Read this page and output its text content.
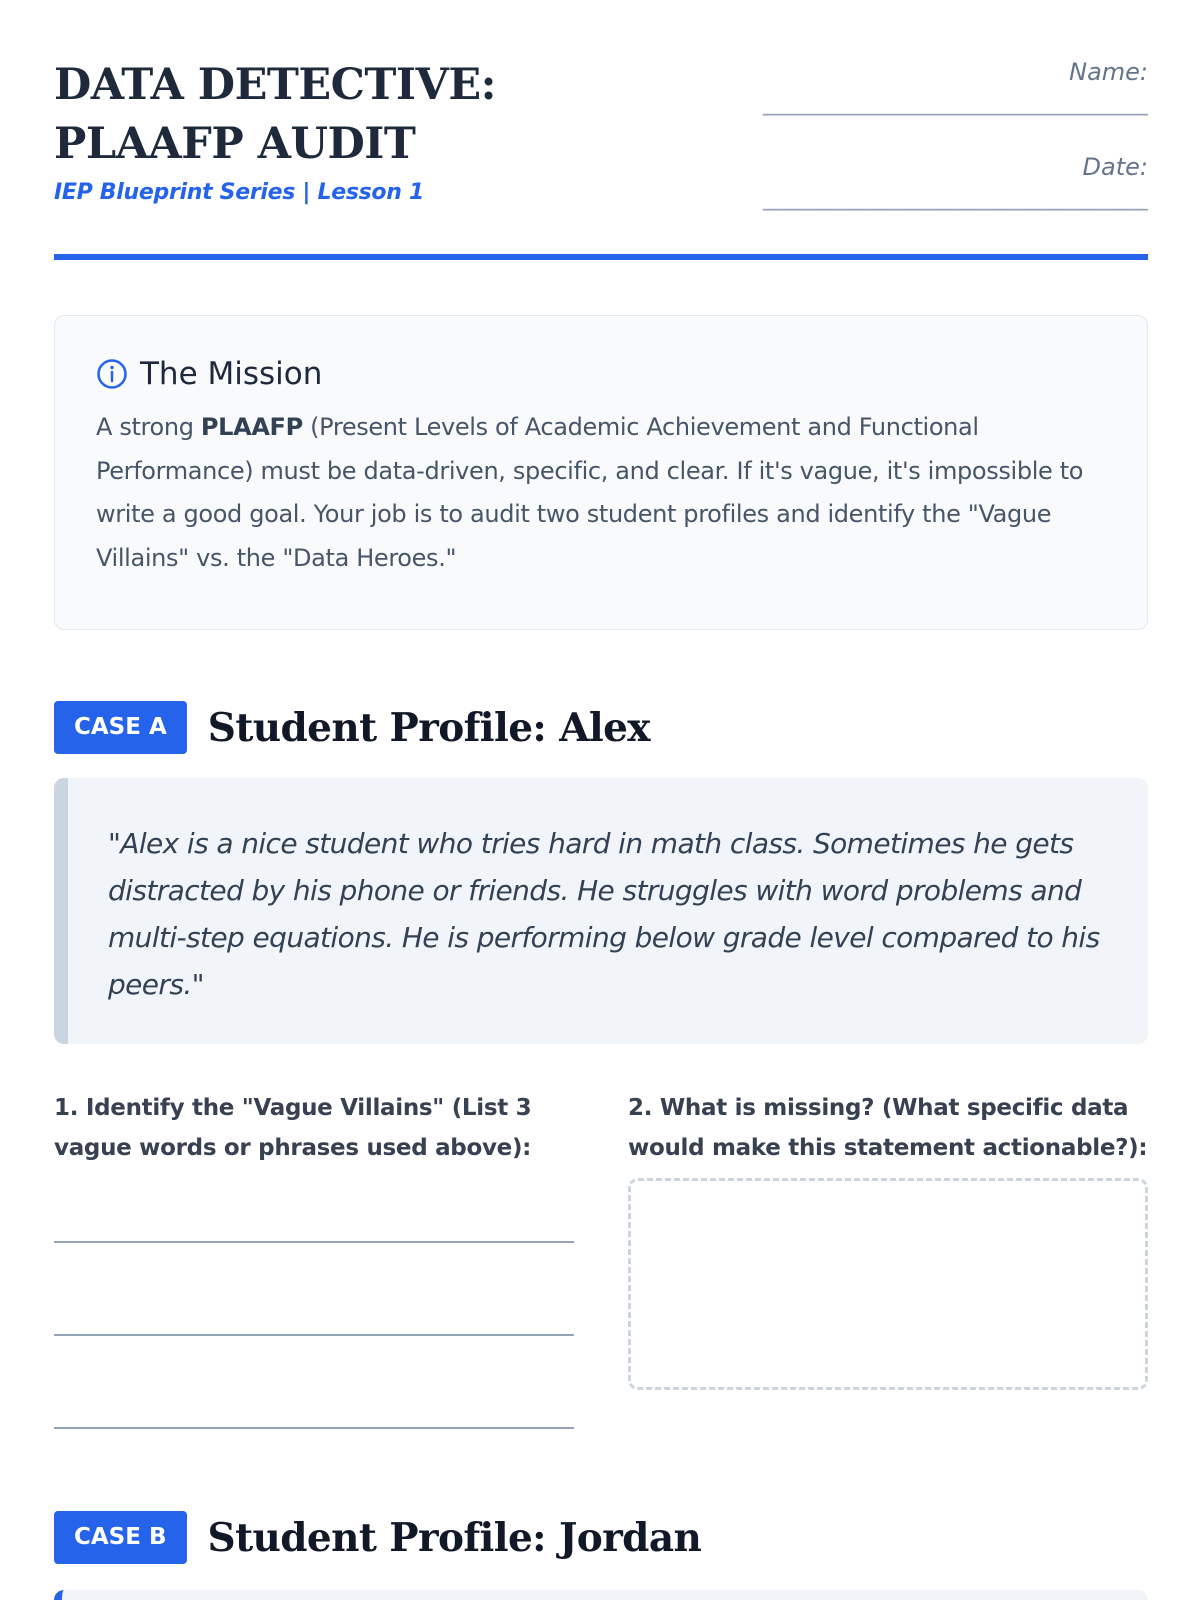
DATA DETECTIVE:
PLAAFP AUDIT
IEP Blueprint Series | Lesson 1
Name:
___________________________________
Date:
___________________________________
The Mission

A strong PLAAFP (Present Levels of Academic Achievement and Functional Performance) must be data-driven, specific, and clear. If it's vague, it's impossible to write a good goal. Your job is to audit two student profiles and identify the "Vague Villains" vs. the "Data Heroes."

CASE A	Student Profile: Alex

"Alex is a nice student who tries hard in math class. Sometimes he gets distracted by his phone or friends. He struggles with word problems and multi-step equations. He is performing below grade level compared to his peers."

1. Identify the "Vague Villains" (List 3 vague words or phrases used above):
2. What is missing? (What specific data would make this statement actionable?):
CASE B	Student Profile: Jordan
